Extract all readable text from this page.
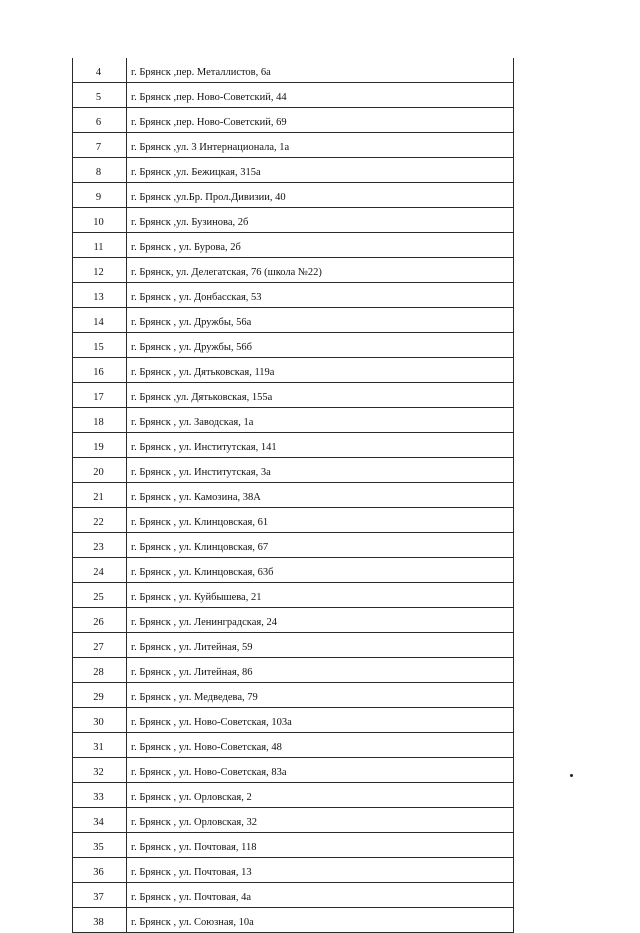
4	г. Брянск ,пер. Металлистов, 6а
5	г. Брянск ,пер. Ново-Советский, 44
6	г. Брянск ,пер. Ново-Советский, 69
7	г. Брянск ,ул. 3 Интернационала, 1а
8	г. Брянск ,ул. Бежицкая, 315а
9	г. Брянск ,ул.Бр. Прол.Дивизии, 40
10	г. Брянск ,ул. Бузинова, 2б
11	г. Брянск , ул. Бурова, 2б
12	г. Брянск, ул. Делегатская, 76 (школа №22)
13	г. Брянск , ул. Донбасская, 53
14	г. Брянск , ул. Дружбы, 56а
15	г. Брянск , ул. Дружбы, 56б
16	г. Брянск , ул. Дятьковская, 119а
17	г. Брянск ,ул. Дятьковская, 155а
18	г. Брянск , ул. Заводская, 1а
19	г. Брянск , ул. Институтская, 141
20	г. Брянск , ул. Институтская, 3а
21	г. Брянск , ул. Камозина, 38А
22	г. Брянск , ул. Клинцовская, 61
23	г. Брянск , ул. Клинцовская, 67
24	г. Брянск , ул. Клинцовская, 63б
25	г. Брянск , ул. Куйбышева, 21
26	г. Брянск , ул. Ленинградская, 24
27	г. Брянск , ул. Литейная, 59
28	г. Брянск , ул. Литейная, 86
29	г. Брянск , ул. Медведева, 79
30	г. Брянск , ул. Ново-Советская, 103а
31	г. Брянск , ул. Ново-Советская, 48
32	г. Брянск , ул. Ново-Советская, 83а
33	г. Брянск , ул. Орловская, 2
34	г. Брянск , ул. Орловская, 32
35	г. Брянск , ул. Почтовая, 118
36	г. Брянск , ул. Почтовая, 13
37	г. Брянск , ул. Почтовая, 4а
38	г. Брянск , ул. Союзная, 10а
